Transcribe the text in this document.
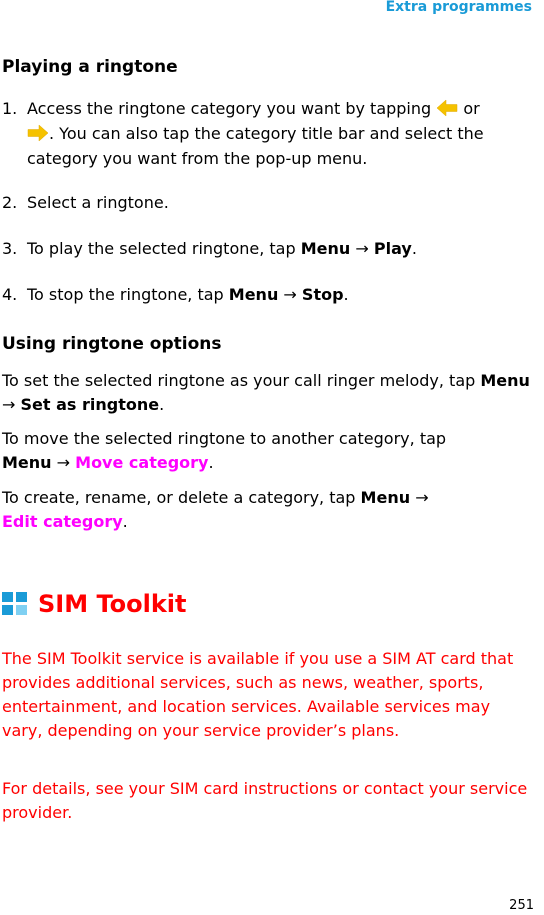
Extra programmes
Playing a ringtone
1. Access the ringtone category you want by tapping  or
. You can also tap the category title bar and select the category you want from the pop-up menu.
2. Select a ringtone.
3. To play the selected ringtone, tap Menu → Play.
4. To stop the ringtone, tap Menu → Stop.
Using ringtone options
To set the selected ringtone as your call ringer melody, tap Menu → Set as ringtone.
To move the selected ringtone to another category, tap
Menu → Move category.
To create, rename, or delete a category, tap Menu →
Edit category.
SIM Toolkit
The SIM Toolkit service is available if you use a SIM AT card that provides additional services, such as news, weather, sports, entertainment, and location services. Available services may vary, depending on your service provider’s plans.
For details, see your SIM card instructions or contact your service provider.
251
